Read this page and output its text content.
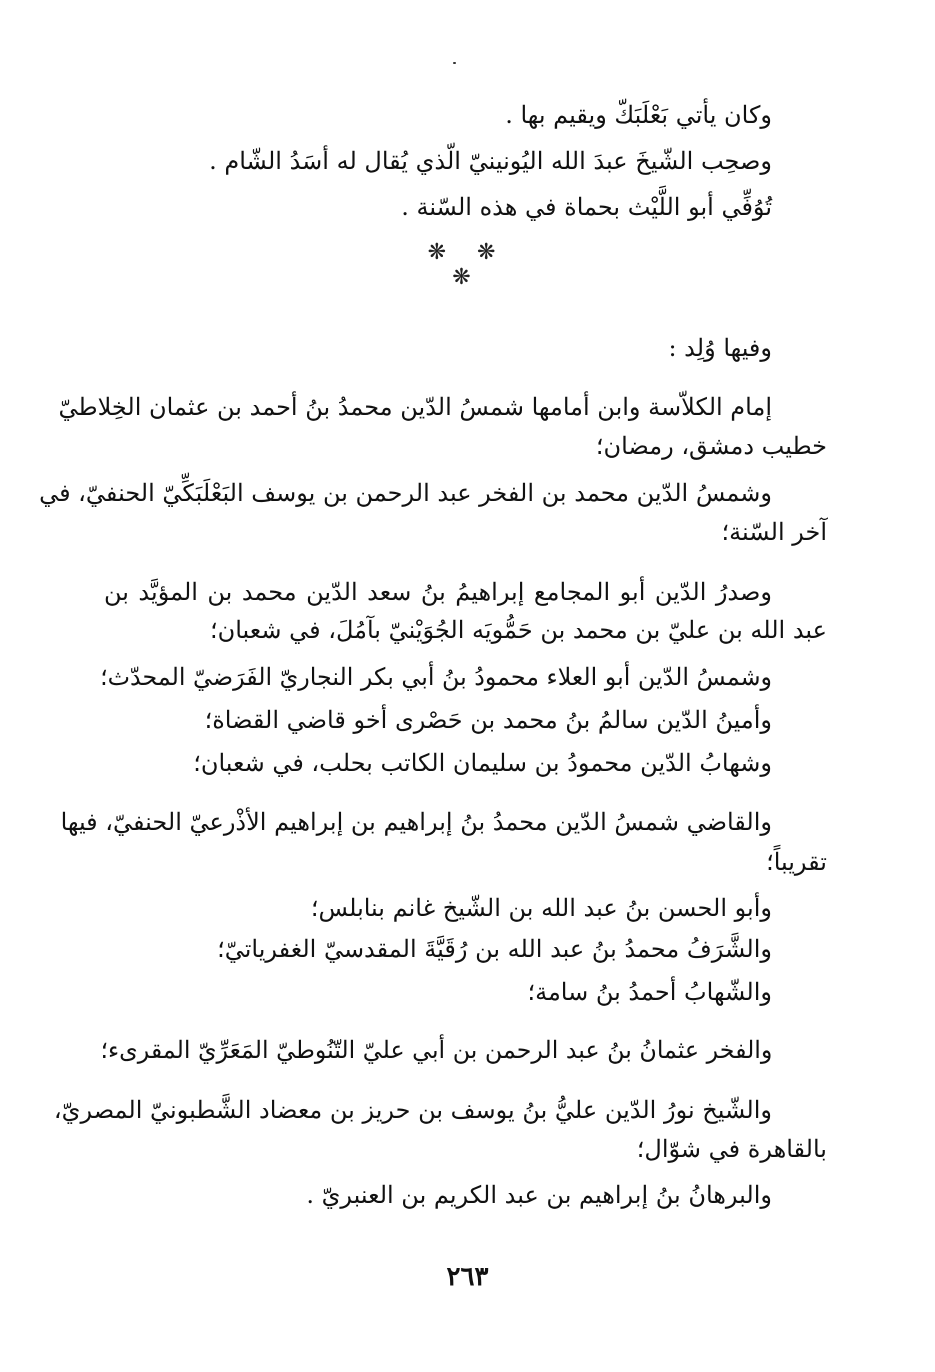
وكان يأتي بَعْلَبَكّ ويقيم بها .
وصحِب الشّيخَ عبدَ الله اليُونينيّ الّذي يُقال له أسَدُ الشّام .
تُوُفِّي أبو اللَّيْث بحماة في هذه السّنة .
❋ ❋ ❋
وفيها وُلِد :
إمام الكلاّسة وابن أمامها شمسُ الدّين محمدُ بنُ أحمد بن عثمان الخِلاطيّ
خطيب دمشق، رمضان؛
وشمسُ الدّين محمد بن الفخر عبد الرحمن بن يوسف البَعْلَبَكِّيّ الحنفيّ، في
آخر السّنة؛
وصدرُ الدّين أبو المجامع إبراهيمُ بنُ سعد الدّين محمد بن المؤيَّد بن
عبد الله بن عليّ بن محمد بن حَمُّويَه الجُوَيْنيّ بآمُلَ، في شعبان؛
وشمسُ الدّين أبو العلاء محمودُ بنُ أبي بكر النجاريّ الفَرَضيّ المحدّث؛
وأمينُ الدّين سالمُ بنُ محمد بن حَصْرى أخو قاضي القضاة؛
وشهابُ الدّين محمودُ بن سليمان الكاتب بحلب، في شعبان؛
والقاضي شمسُ الدّين محمدُ بنُ إبراهيم بن إبراهيم الأذْرعيّ الحنفيّ، فيها
تقريباً؛
وأبو الحسن بنُ عبد الله بن الشّيخ غانم بنابلس؛
والشَّرَفُ محمدُ بنُ عبد الله بن رُقَيَّةَ المقدسيّ الغفرياتيّ؛
والشّهابُ أحمدُ بنُ سامة؛
والفخر عثمانُ بنُ عبد الرحمن بن أبي عليّ التّنُوطيّ المَعَرِّيّ المقرىء؛
والشّيخ نورُ الدّين عليُّ بنُ يوسف بن حريز بن معضاد الشَّطبونيّ المصريّ،
بالقاهرة في شوّال؛
والبرهانُ بنُ إبراهيم بن عبد الكريم بن العنبريّ .
٢٦٣
